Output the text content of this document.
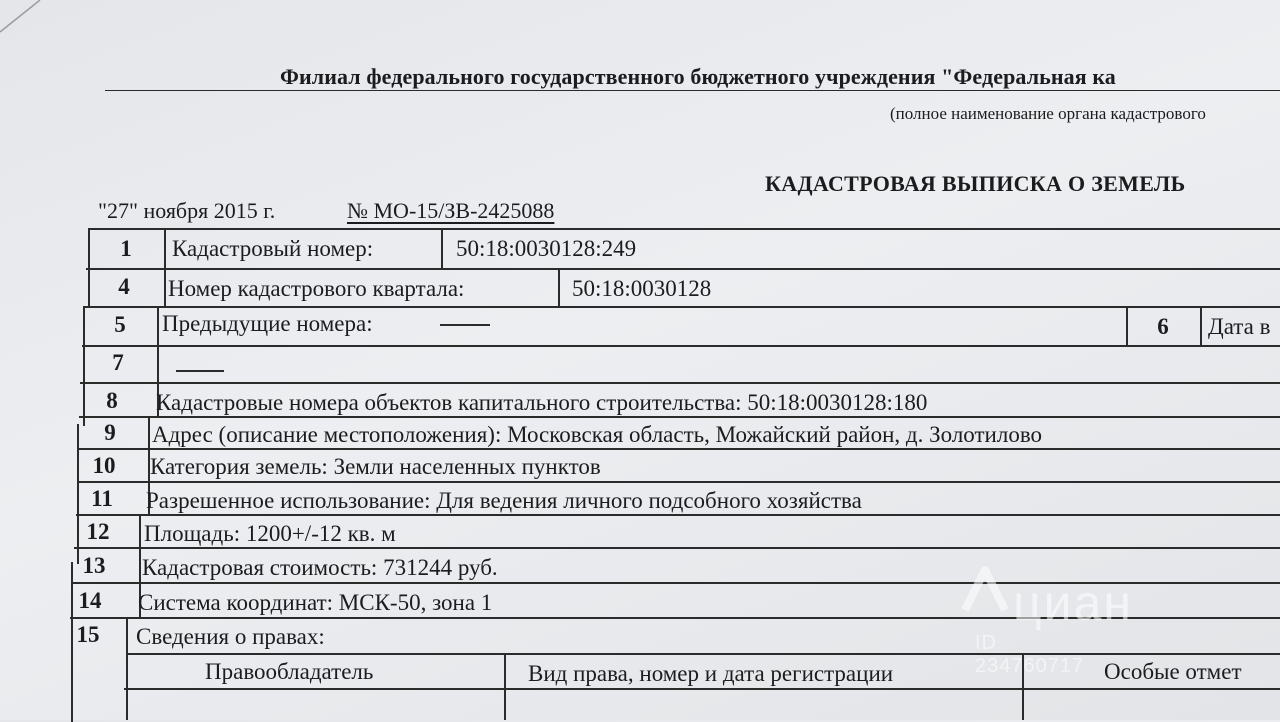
Филиал федерального государственного бюджетного учреждения "Федеральная ка
(полное наименование органа кадастрового
КАДАСТРОВАЯ ВЫПИСКА О ЗЕМЕЛЬ
"27" ноября 2015 г.	№ МО-15/ЗВ-2425088
1	Кадастровый номер:	50:18:0030128:249
4	Номер кадастрового квартала:	50:18:0030128
5	Предыдущие номера:	6	Дата в
7
8	Кадастровые номера объектов капитального строительства: 50:18:0030128:180
9	Адрес (описание местоположения): Московская область, Можайский район, д. Золотилово
10	Категория земель: Земли населенных пунктов
11	Разрешенное использование: Для ведения личного подсобного хозяйства
12	Площадь: 1200+/-12 кв. м
13	Кадастровая стоимость: 731244 руб.
14	Система координат: МСК-50, зона 1
15	Сведения о правах:
Правообладатель	Вид права, номер и дата регистрации	Особые отмет
циан
ID 234760717
